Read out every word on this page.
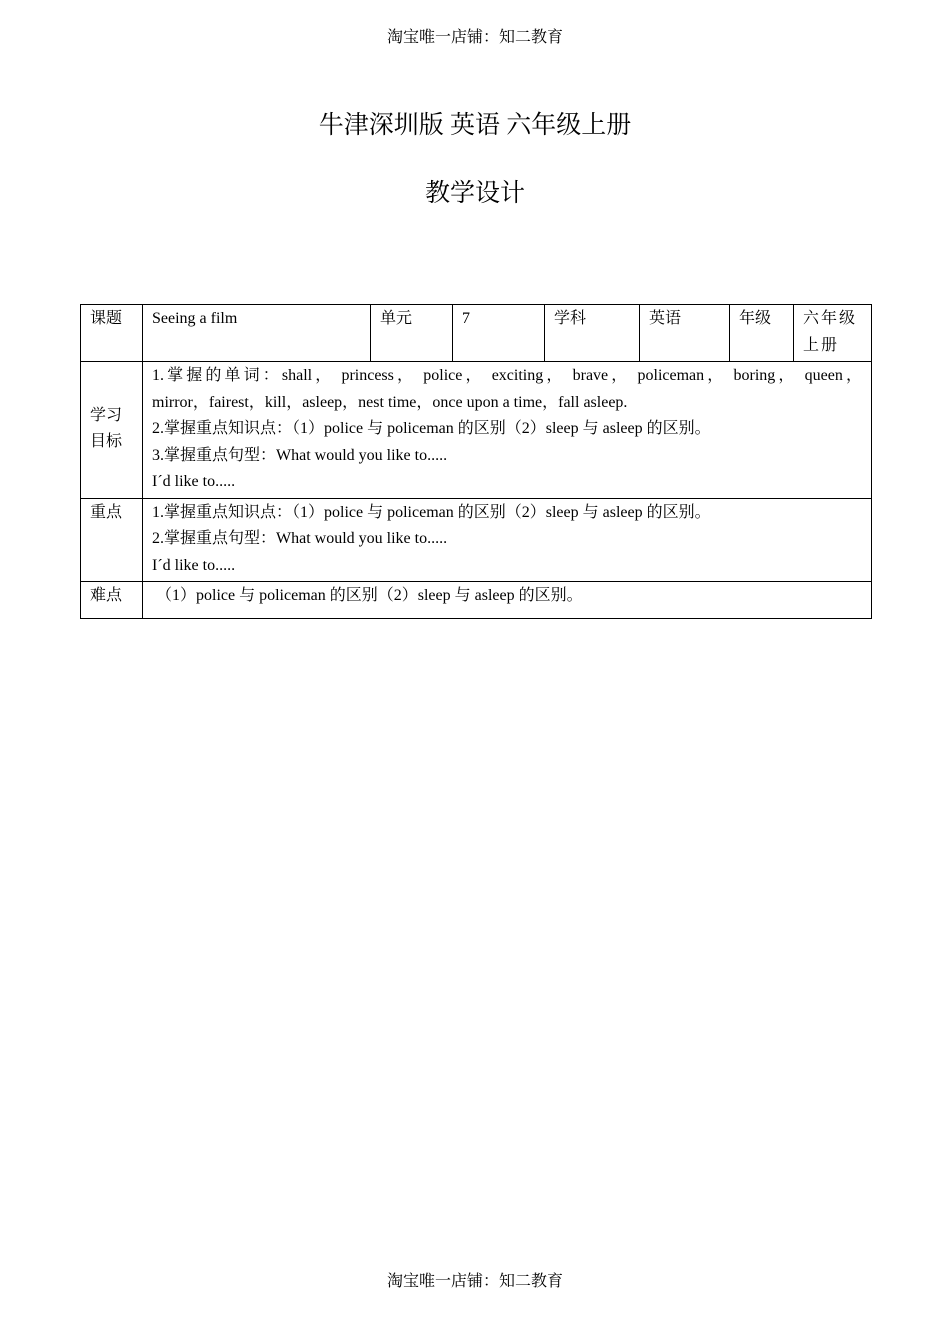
淘宝唯一店铺：知二教育
牛津深圳版 英语 六年级上册
教学设计
课题	Seeing a film	单元	7	学科	英语	年级	六年级
上册

学习
目标	1.掌握的单词：shall， princess， police， exciting， brave， policeman， boring， queen，
mirror，fairest，kill，asleep，nest time，once upon a time，fall asleep.
2.掌握重点知识点：（1）police 与 policeman 的区别（2）sleep 与 asleep 的区别。
3.掌握重点句型：What would you like to.....
I´d like to.....						

重点	1.掌握重点知识点：（1）police 与 policeman 的区别（2）sleep 与 asleep 的区别。
2.掌握重点句型：What would you like to.....
I´d like to.....						

难点	（1）police 与 policeman 的区别（2）sleep 与 asleep 的区别。						
淘宝唯一店铺：知二教育
